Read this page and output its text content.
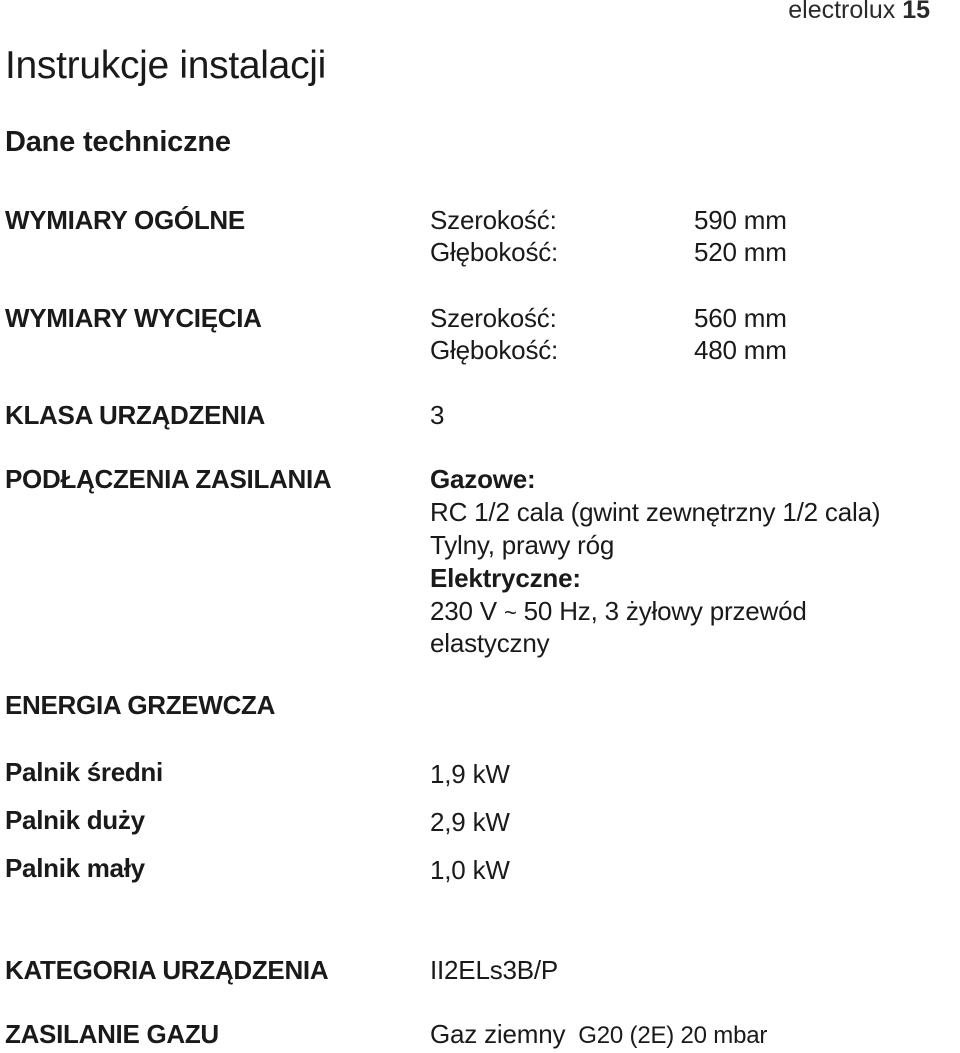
electrolux 15
Instrukcje instalacji
Dane techniczne
WYMIARY OGÓLNE	Szerokość:	590 mm
Głębokość:	520 mm
WYMIARY WYCIĘCIA	Szerokość:	560 mm
Głębokość:	480 mm
KLASA URZĄDZENIA	3
PODŁĄCZENIA ZASILANIA	Gazowe:
RC 1/2 cala (gwint zewnętrzny 1/2 cala)
Tylny, prawy róg
Elektryczne:
230 V ~ 50 Hz, 3 żyłowy przewód
elastyczny
ENERGIA GRZEWCZA
Palnik średni	1,9 kW
Palnik duży	2,9 kW
Palnik mały	1,0 kW
KATEGORIA URZĄDZENIA	II2ELs3B/P
ZASILANIE GAZU	Gaz ziemny G20 (2E) 20 mbar
